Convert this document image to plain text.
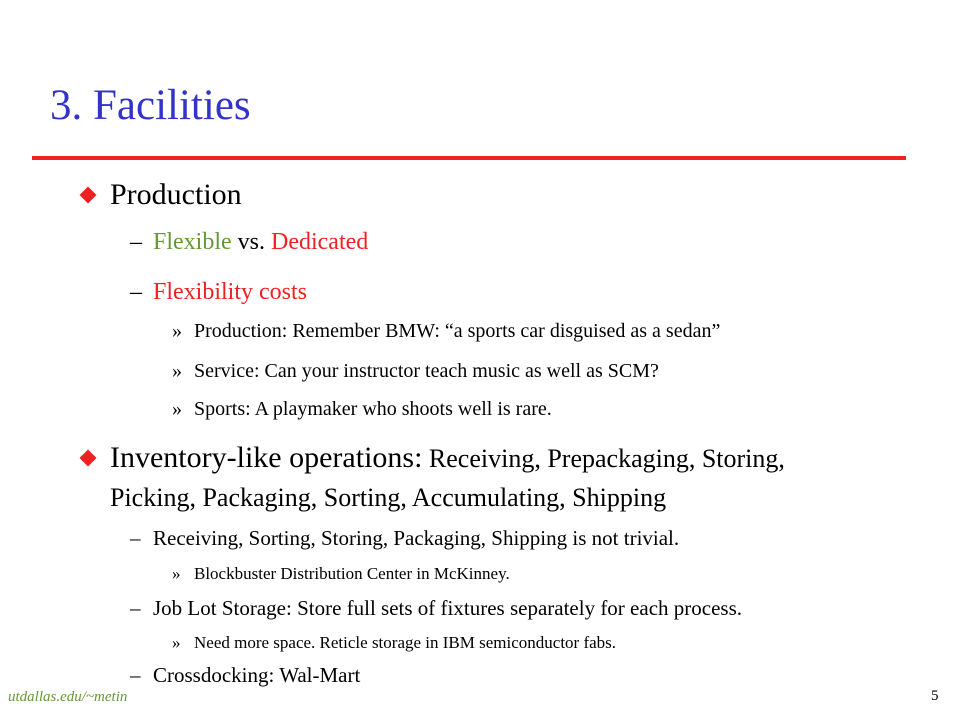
3. Facilities
Production
– Flexible vs. Dedicated
– Flexibility costs
» Production: Remember BMW: “a sports car disguised as a sedan”
» Service: Can your instructor teach music as well as SCM?
» Sports: A playmaker who shoots well is rare.
Inventory-like operations: Receiving, Prepackaging, Storing,
Picking, Packaging, Sorting, Accumulating, Shipping
– Receiving, Sorting, Storing, Packaging, Shipping is not trivial.
» Blockbuster Distribution Center in McKinney.
– Job Lot Storage: Store full sets of fixtures separately for each process.
» Need more space. Reticle storage in IBM semiconductor fabs.
– Crossdocking: Wal-Mart
utdallas.edu/~metin	5
